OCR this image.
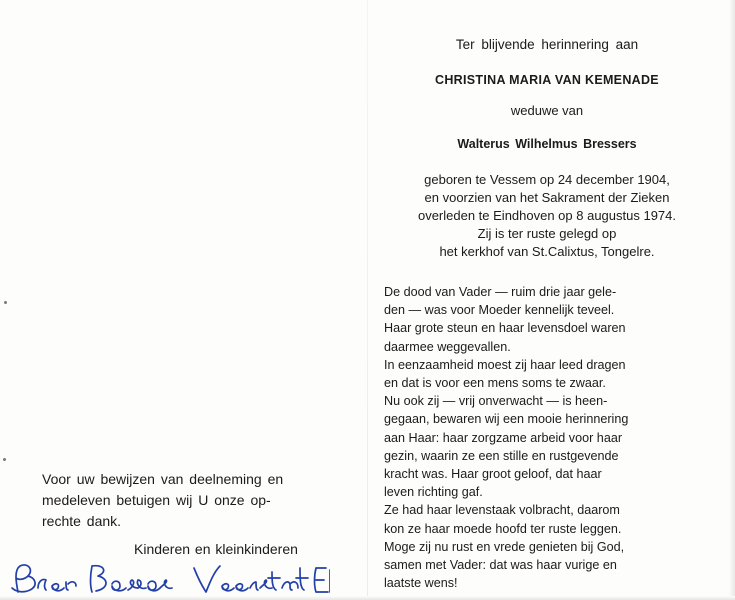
Ter blijvende herinnering aan

CHRISTINA MARIA VAN KEMENADE

weduwe van

Walterus Wilhelmus Bressers

geboren te Vessem op 24 december 1904,
en voorzien van het Sakrament der Zieken
overleden te Eindhoven op 8 augustus 1974.
Zij is ter ruste gelegd op
het kerkhof van St.Calixtus, Tongelre.
De dood van Vader — ruim drie jaar gele-
den — was voor Moeder kennelijk teveel.
Haar grote steun en haar levensdoel waren
daarmee weggevallen.
In eenzaamheid moest zij haar leed dragen
en dat is voor een mens soms te zwaar.
Nu ook zij — vrij onverwacht — is heen-
gegaan, bewaren wij een mooie herinnering
aan Haar: haar zorgzame arbeid voor haar
gezin, waarin ze een stille en rustgevende
kracht was. Haar groot geloof, dat haar
leven richting gaf.
Ze had haar levenstaak volbracht, daarom
kon ze haar moede hoofd ter ruste leggen.
Moge zij nu rust en vrede genieten bij God,
samen met Vader: dat was haar vurige en
laatste wens!
Voor uw bewijzen van deelneming en
medeleven betuigen wij U onze op-
rechte dank.
Kinderen en kleinkinderen
